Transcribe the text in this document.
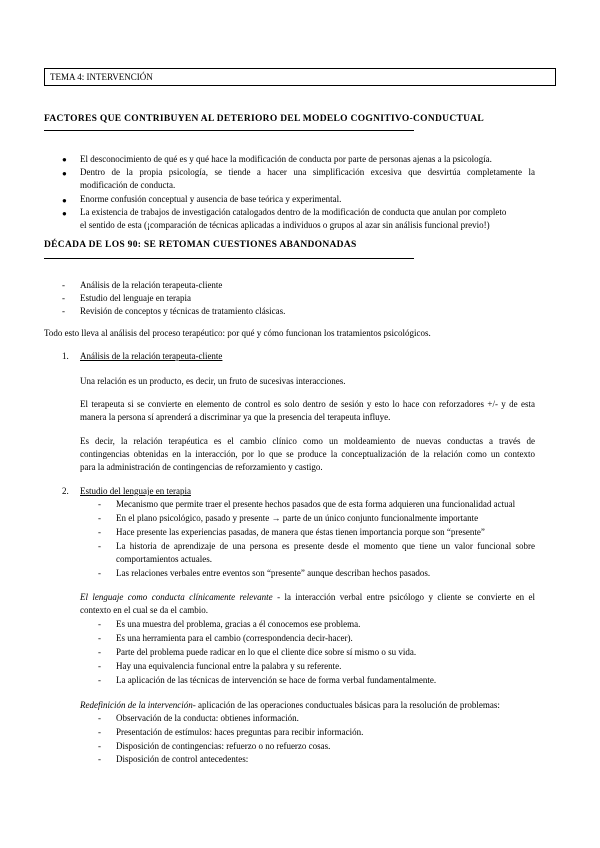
TEMA 4: INTERVENCIÓN
FACTORES QUE CONTRIBUYEN AL DETERIORO DEL MODELO COGNITIVO-CONDUCTUAL
● El desconocimiento de qué es y qué hace la modificación de conducta por parte de personas ajenas a la psicología.
● Dentro de la propia psicología, se tiende a hacer una simplificación excesiva que desvirtúa completamente la
modificación de conducta.
● Enorme confusión conceptual y ausencia de base teórica y experimental.
● La existencia de trabajos de investigación catalogados dentro de la modificación de conducta que anulan por completo
el sentido de esta (¡comparación de técnicas aplicadas a individuos o grupos al azar sin análisis funcional previo!)
DÉCADA DE LOS 90: SE RETOMAN CUESTIONES ABANDONADAS
- Análisis de la relación terapeuta-cliente
- Estudio del lenguaje en terapia
- Revisión de conceptos y técnicas de tratamiento clásicas.
Todo esto lleva al análisis del proceso terapéutico: por qué y cómo funcionan los tratamientos psicológicos.
1. Análisis de la relación terapeuta-cliente
Una relación es un producto, es decir, un fruto de sucesivas interacciones.
El terapeuta si se convierte en elemento de control es solo dentro de sesión y esto lo hace con reforzadores +/- y de esta
manera la persona sí aprenderá a discriminar ya que la presencia del terapeuta influye.
Es decir, la relación terapéutica es el cambio clínico como un moldeamiento de nuevas conductas a través de
contingencias obtenidas en la interacción, por lo que se produce la conceptualización de la relación como un contexto
para la administración de contingencias de reforzamiento y castigo.
2. Estudio del lenguaje en terapia
- Mecanismo que permite traer el presente hechos pasados que de esta forma adquieren una funcionalidad actual
- En el plano psicológico, pasado y presente → parte de un único conjunto funcionalmente importante
- Hace presente las experiencias pasadas, de manera que éstas tienen importancia porque son “presente”
- La historia de aprendizaje de una persona es presente desde el momento que tiene un valor funcional sobre
comportamientos actuales.
- Las relaciones verbales entre eventos son “presente” aunque describan hechos pasados.
El lenguaje como conducta clínicamente relevante - la interacción verbal entre psicólogo y cliente se convierte en el
contexto en el cual se da el cambio.
- Es una muestra del problema, gracias a él conocemos ese problema.
- Es una herramienta para el cambio (correspondencia decir-hacer).
- Parte del problema puede radicar en lo que el cliente dice sobre sí mismo o su vida.
- Hay una equivalencia funcional entre la palabra y su referente.
- La aplicación de las técnicas de intervención se hace de forma verbal fundamentalmente.
Redefinición de la intervención- aplicación de las operaciones conductuales básicas para la resolución de problemas:
- Observación de la conducta: obtienes información.
- Presentación de estímulos: haces preguntas para recibir información.
- Disposición de contingencias: refuerzo o no refuerzo cosas.
- Disposición de control antecedentes:
